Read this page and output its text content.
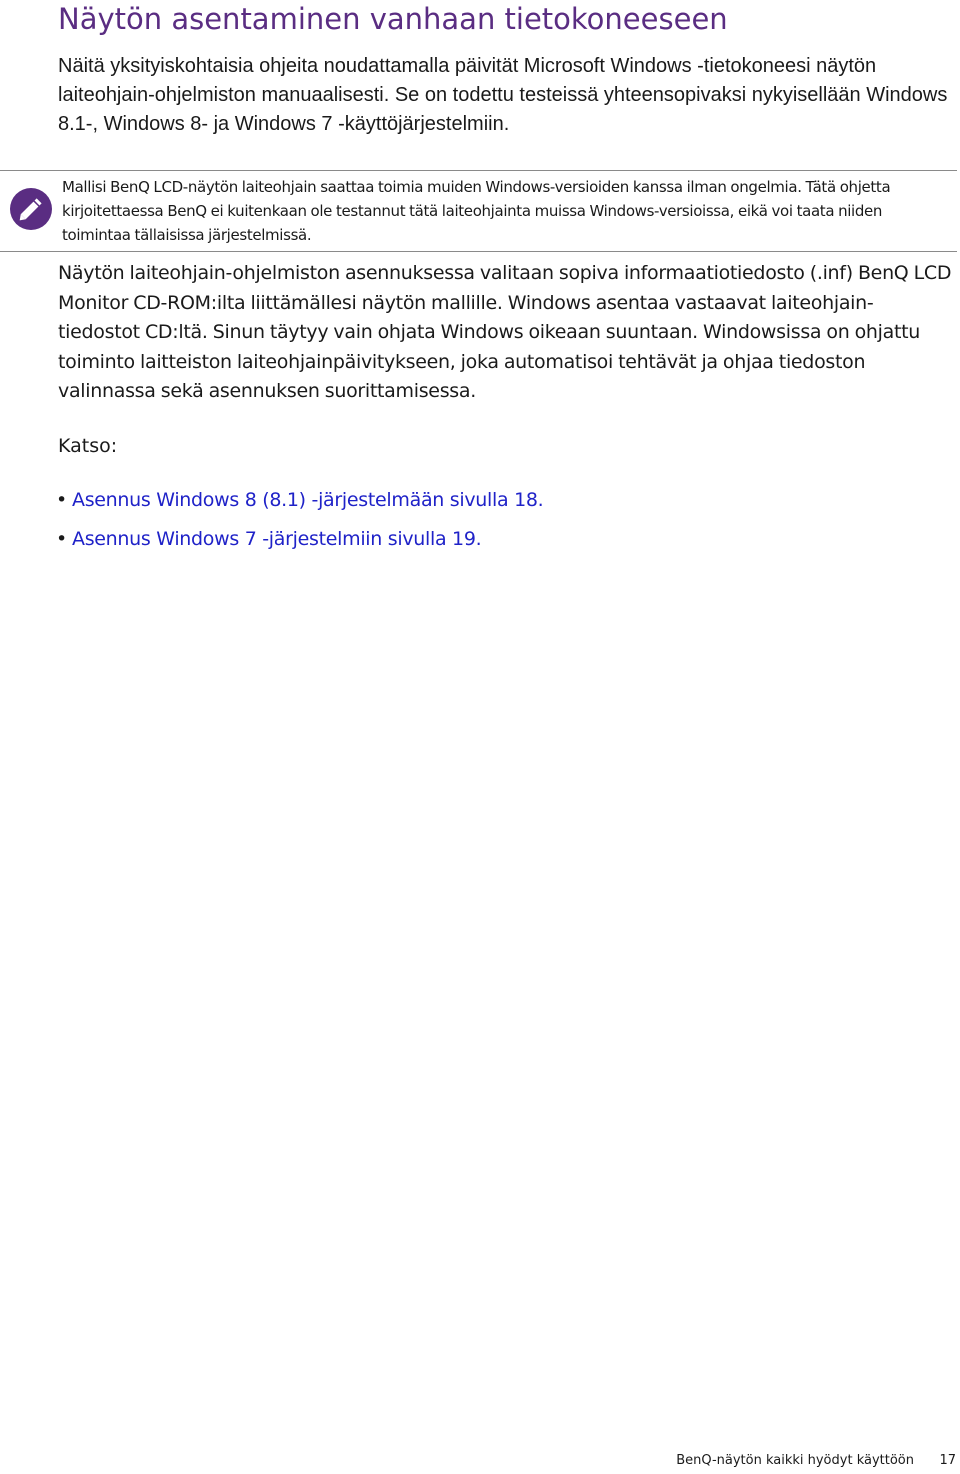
Näytön asentaminen vanhaan tietokoneeseen

Näitä yksityiskohtaisia ohjeita noudattamalla päivität Microsoft Windows -tietokoneesi näytön laiteohjain-ohjelmiston manuaalisesti. Se on todettu testeissä yhteensopivaksi nykyisellään Windows 8.1-, Windows 8- ja Windows 7 -käyttöjärjestelmiin.

Mallisi BenQ LCD-näytön laiteohjain saattaa toimia muiden Windows-versioiden kanssa ilman ongelmia. Tätä ohjetta kirjoitettaessa BenQ ei kuitenkaan ole testannut tätä laiteohjainta muissa Windows-versioissa, eikä voi taata niiden toimintaa tällaisissa järjestelmissä.

Näytön laiteohjain-ohjelmiston asennuksessa valitaan sopiva informaatiotiedosto (.inf) BenQ LCD Monitor CD-ROM:ilta liittämällesi näytön mallille. Windows asentaa vastaavat laiteohjain-tiedostot CD:ltä. Sinun täytyy vain ohjata Windows oikeaan suuntaan. Windowsissa on ohjattu toiminto laitteiston laiteohjainpäivitykseen, joka automatisoi tehtävät ja ohjaa tiedoston valinnassa sekä asennuksen suorittamisessa.

Katso:

• Asennus Windows 8 (8.1) -järjestelmään sivulla 18.
• Asennus Windows 7 -järjestelmiin sivulla 19.
BenQ-näytön kaikki hyödyt käyttöön 17
